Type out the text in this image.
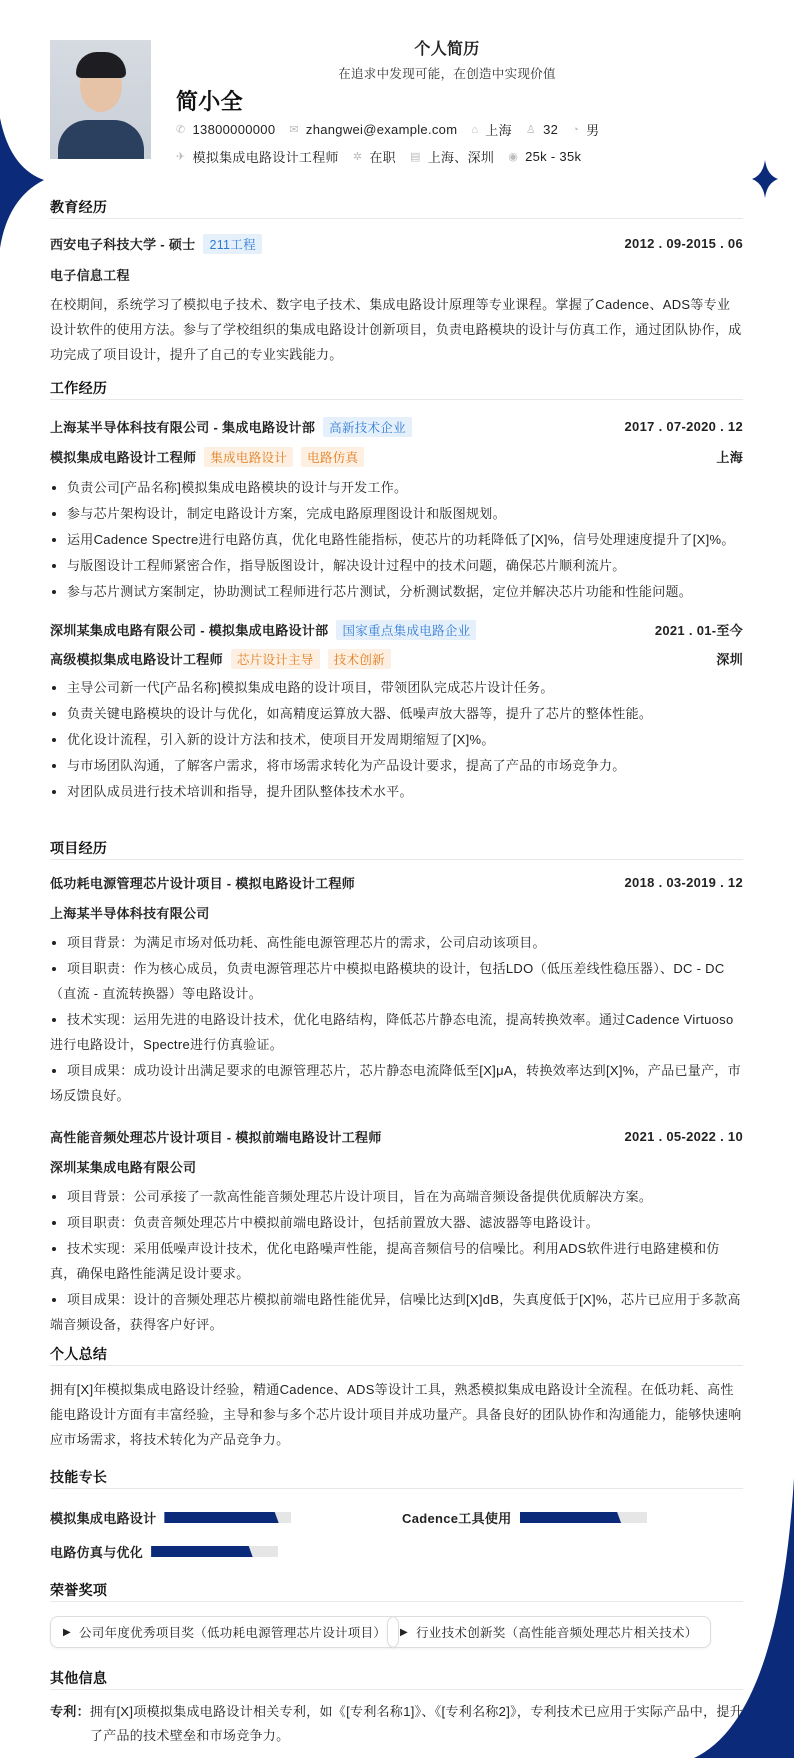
个人简历
在追求中发现可能，在创造中实现价值
简小全
✆ 13800000000 ✉ zhangwei@example.com ⌂ 上海 ♙ 32 ◔ 男
✈ 模拟集成电路设计工程师 ✲ 在职 ▤ 上海、深圳 ◉ 25k - 35k
教育经历
西安电子科技大学 - 硕士	211工程	2012 . 09-2015 . 06
电子信息工程

在校期间，系统学习了模拟电子技术、数字电子技术、集成电路设计原理等专业课程。掌握了Cadence、ADS等专业设计软件的使用方法。参与了学校组织的集成电路设计创新项目，负责电路模块的设计与仿真工作，通过团队协作，成功完成了项目设计，提升了自己的专业实践能力。

工作经历
上海某半导体科技有限公司 - 集成电路设计部	高新技术企业	2017 . 07-2020 . 12
模拟集成电路设计工程师	集成电路设计	电路仿真	上海
负责公司[产品名称]模拟集成电路模块的设计与开发工作。
参与芯片架构设计，制定电路设计方案，完成电路原理图设计和版图规划。
运用Cadence Spectre进行电路仿真，优化电路性能指标，使芯片的功耗降低了[X]%，信号处理速度提升了[X]%。
与版图设计工程师紧密合作，指导版图设计，解决设计过程中的技术问题，确保芯片顺利流片。
参与芯片测试方案制定，协助测试工程师进行芯片测试，分析测试数据，定位并解决芯片功能和性能问题。
深圳某集成电路有限公司 - 模拟集成电路设计部	国家重点集成电路企业	2021 . 01-至今
高级模拟集成电路设计工程师	芯片设计主导	技术创新	深圳
主导公司新一代[产品名称]模拟集成电路的设计项目，带领团队完成芯片设计任务。
负责关键电路模块的设计与优化，如高精度运算放大器、低噪声放大器等，提升了芯片的整体性能。
优化设计流程，引入新的设计方法和技术，使项目开发周期缩短了[X]%。
与市场团队沟通，了解客户需求，将市场需求转化为产品设计要求，提高了产品的市场竞争力。
对团队成员进行技术培训和指导，提升团队整体技术水平。
项目经历
低功耗电源管理芯片设计项目 - 模拟电路设计工程师	2018 . 03-2019 . 12
上海某半导体科技有限公司
项目背景：为满足市场对低功耗、高性能电源管理芯片的需求，公司启动该项目。
项目职责：作为核心成员，负责电源管理芯片中模拟电路模块的设计，包括LDO（低压差线性稳压器）、DC - DC（直流 - 直流转换器）等电路设计。
技术实现：运用先进的电路设计技术，优化电路结构，降低芯片静态电流，提高转换效率。通过Cadence Virtuoso进行电路设计，Spectre进行仿真验证。
项目成果：成功设计出满足要求的电源管理芯片，芯片静态电流降低至[X]μA，转换效率达到[X]%，产品已量产，市场反馈良好。
高性能音频处理芯片设计项目 - 模拟前端电路设计工程师	2021 . 05-2022 . 10
深圳某集成电路有限公司
项目背景：公司承接了一款高性能音频处理芯片设计项目，旨在为高端音频设备提供优质解决方案。
项目职责：负责音频处理芯片中模拟前端电路设计，包括前置放大器、滤波器等电路设计。
技术实现：采用低噪声设计技术，优化电路噪声性能，提高音频信号的信噪比。利用ADS软件进行电路建模和仿真，确保电路性能满足设计要求。
项目成果：设计的音频处理芯片模拟前端电路性能优异，信噪比达到[X]dB，失真度低于[X]%，芯片已应用于多款高端音频设备，获得客户好评。
个人总结

拥有[X]年模拟集成电路设计经验，精通Cadence、ADS等设计工具，熟悉模拟集成电路设计全流程。在低功耗、高性能电路设计方面有丰富经验，主导和参与多个芯片设计项目并成功量产。具备良好的团队协作和沟通能力，能够快速响应市场需求，将技术转化为产品竞争力。

技能专长
模拟集成电路设计	Cadence工具使用
电路仿真与优化
荣誉奖项
▶ 公司年度优秀项目奖（低功耗电源管理芯片设计项目） ▶ 行业技术创新奖（高性能音频处理芯片相关技术）
其他信息
专利： 拥有[X]项模拟集成电路设计相关专利，如《[专利名称1]》、《[专利名称2]》，专利技术已应用于实际产品中，提升了产品的技术壁垒和市场竞争力。
